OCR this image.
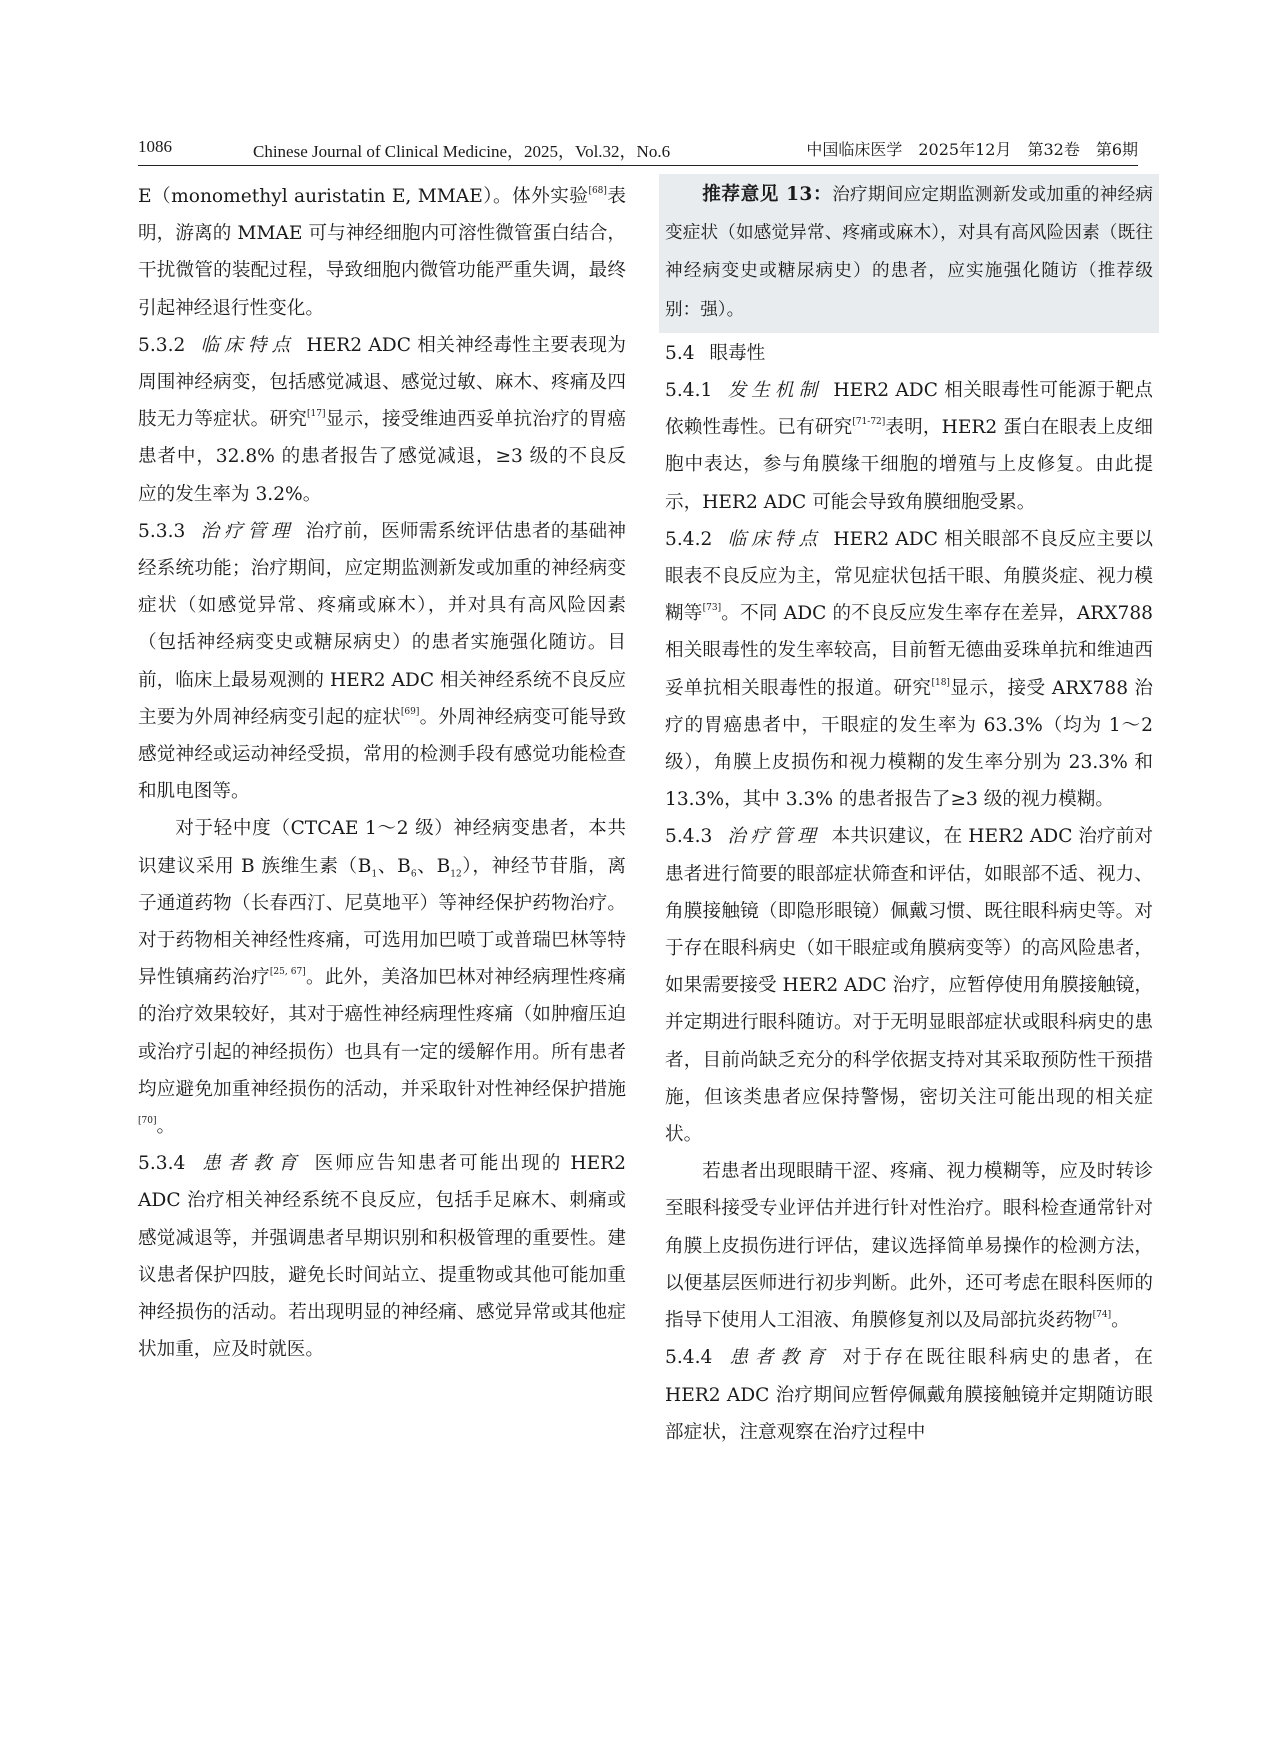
1086	Chinese Journal of Clinical Medicine，2025，Vol.32，No.6	中国临床医学　2025年12月　第32卷　第6期

E（monomethyl auristatin E, MMAE）。体外实验[68]表明，游离的 MMAE 可与神经细胞内可溶性微管蛋白结合，干扰微管的装配过程，导致细胞内微管功能严重失调，最终引起神经退行性变化。

5.3.2 临床特点 HER2 ADC 相关神经毒性主要表现为周围神经病变，包括感觉减退、感觉过敏、麻木、疼痛及四肢无力等症状。研究[17]显示，接受维迪西妥单抗治疗的胃癌患者中，32.8% 的患者报告了感觉减退，≥3 级的不良反应的发生率为 3.2%。

5.3.3 治疗管理 治疗前，医师需系统评估患者的基础神经系统功能；治疗期间，应定期监测新发或加重的神经病变症状（如感觉异常、疼痛或麻木），并对具有高风险因素（包括神经病变史或糖尿病史）的患者实施强化随访。目前，临床上最易观测的 HER2 ADC 相关神经系统不良反应主要为外周神经病变引起的症状[69]。外周神经病变可能导致感觉神经或运动神经受损，常用的检测手段有感觉功能检查和肌电图等。

对于轻中度（CTCAE 1～2 级）神经病变患者，本共识建议采用 B 族维生素（$B_1$、$B_6$、$B_{12}$），神经节苷脂，离子通道药物（长春西汀、尼莫地平）等神经保护药物治疗。对于药物相关神经性疼痛，可选用加巴喷丁或普瑞巴林等特异性镇痛药治疗[25, 67]。此外，美洛加巴林对神经病理性疼痛的治疗效果较好，其对于癌性神经病理性疼痛（如肿瘤压迫或治疗引起的神经损伤）也具有一定的缓解作用。所有患者均应避免加重神经损伤的活动，并采取针对性神经保护措施[70]。

5.3.4 患者教育 医师应告知患者可能出现的 HER2 ADC 治疗相关神经系统不良反应，包括手足麻木、刺痛或感觉减退等，并强调患者早期识别和积极管理的重要性。建议患者保护四肢，避免长时间站立、提重物或其他可能加重神经损伤的活动。若出现明显的神经痛、感觉异常或其他症状加重，应及时就医。

推荐意见 13：治疗期间应定期监测新发或加重的神经病变症状（如感觉异常、疼痛或麻木），对具有高风险因素（既往神经病变史或糖尿病史）的患者，应实施强化随访（推荐级别：强）。

5.4 眼毒性

5.4.1 发生机制 HER2 ADC 相关眼毒性可能源于靶点依赖性毒性。已有研究[71-72]表明，HER2 蛋白在眼表上皮细胞中表达，参与角膜缘干细胞的增殖与上皮修复。由此提示，HER2 ADC 可能会导致角膜细胞受累。

5.4.2 临床特点 HER2 ADC 相关眼部不良反应主要以眼表不良反应为主，常见症状包括干眼、角膜炎症、视力模糊等[73]。不同 ADC 的不良反应发生率存在差异，ARX788 相关眼毒性的发生率较高，目前暂无德曲妥珠单抗和维迪西妥单抗相关眼毒性的报道。研究[18]显示，接受 ARX788 治疗的胃癌患者中，干眼症的发生率为 63.3%（均为 1～2 级），角膜上皮损伤和视力模糊的发生率分别为 23.3% 和 13.3%，其中 3.3% 的患者报告了≥3 级的视力模糊。

5.4.3 治疗管理 本共识建议，在 HER2 ADC 治疗前对患者进行简要的眼部症状筛查和评估，如眼部不适、视力、角膜接触镜（即隐形眼镜）佩戴习惯、既往眼科病史等。对于存在眼科病史（如干眼症或角膜病变等）的高风险患者，如果需要接受 HER2 ADC 治疗，应暂停使用角膜接触镜，并定期进行眼科随访。对于无明显眼部症状或眼科病史的患者，目前尚缺乏充分的科学依据支持对其采取预防性干预措施，但该类患者应保持警惕，密切关注可能出现的相关症状。

若患者出现眼睛干涩、疼痛、视力模糊等，应及时转诊至眼科接受专业评估并进行针对性治疗。眼科检查通常针对角膜上皮损伤进行评估，建议选择简单易操作的检测方法，以便基层医师进行初步判断。此外，还可考虑在眼科医师的指导下使用人工泪液、角膜修复剂以及局部抗炎药物[74]。

5.4.4 患者教育 对于存在既往眼科病史的患者，在 HER2 ADC 治疗期间应暂停佩戴角膜接触镜并定期随访眼部症状，注意观察在治疗过程中
